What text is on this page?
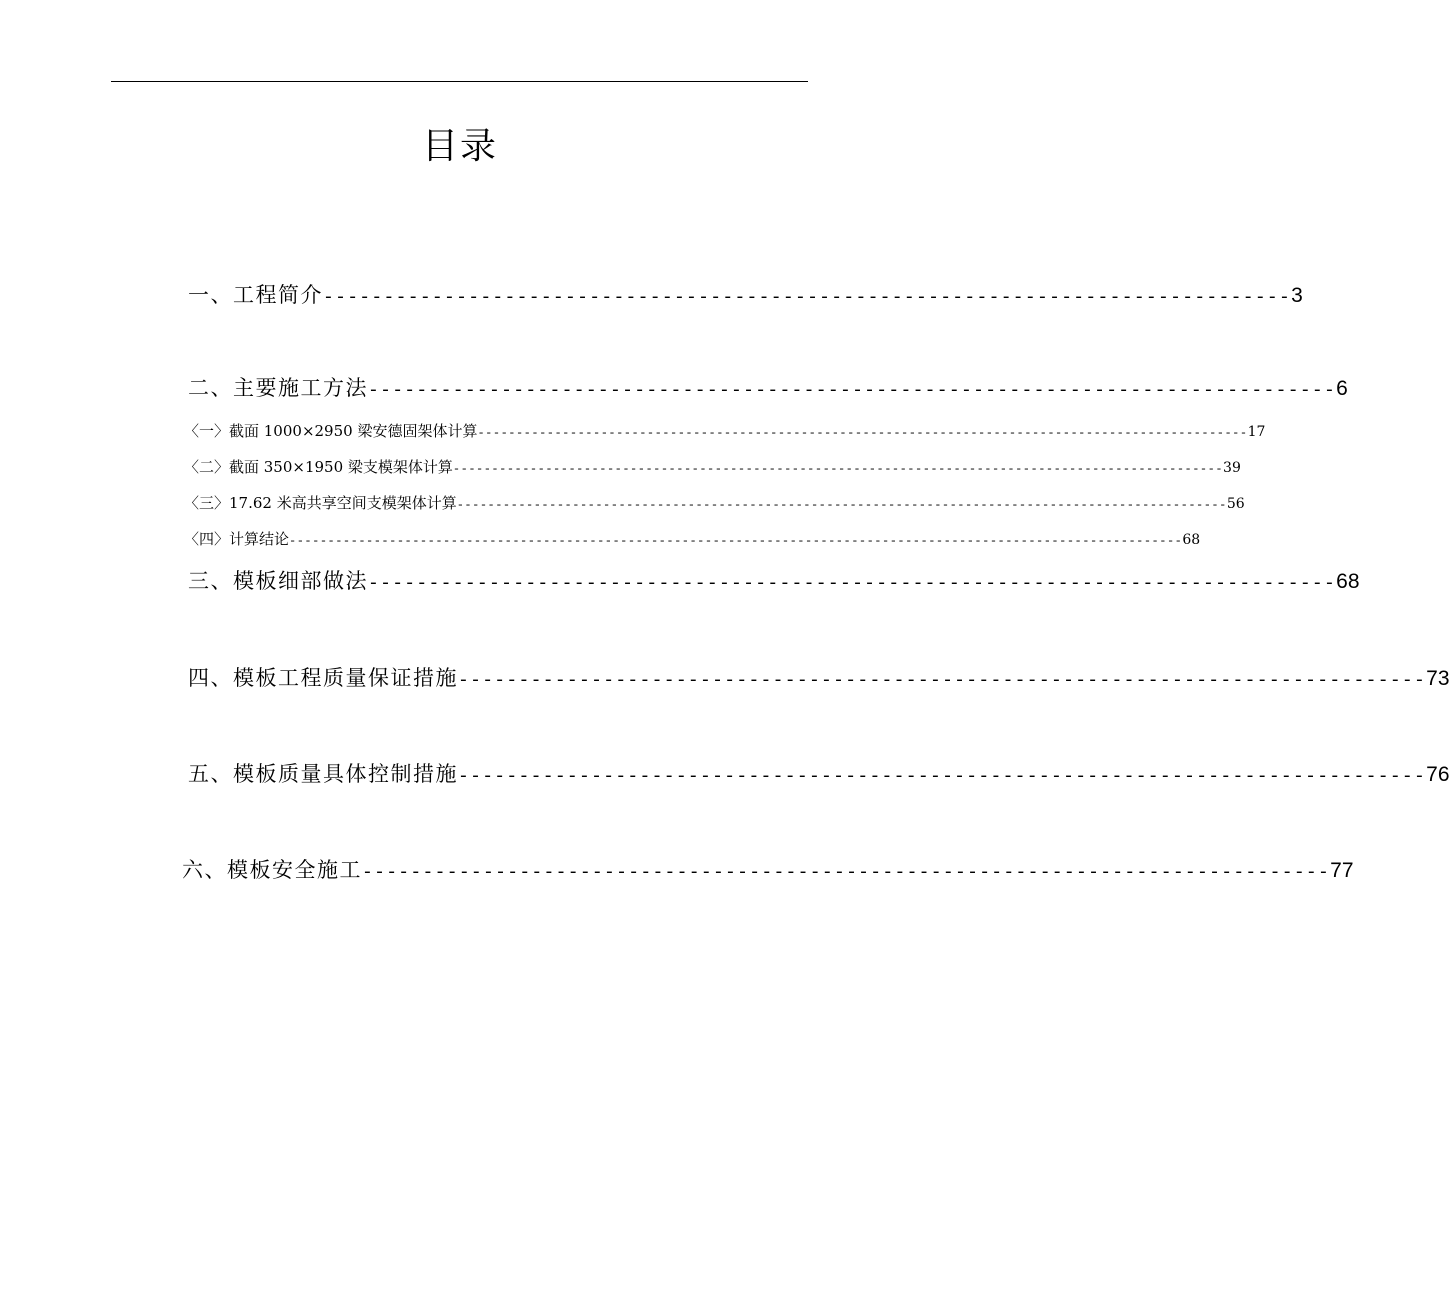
目录
一、工程简介 -------------------------------------------------------------------------------- 3
二、主要施工方法 -------------------------------------------------------------------------------- 6
〈一〉截面 1000×2950 梁安德固架体计算 ---------------------------------------------------------------------------------------------------- 17
〈二〉截面 350×1950 梁支模架体计算 ---------------------------------------------------------------------------------------------------- 39
〈三〉17.62 米高共享空间支模架体计算 ---------------------------------------------------------------------------------------------------- 56
〈四〉计算结论 -------------------------------------------------------------------------------------------------------------------- 68
三、模板细部做法 -------------------------------------------------------------------------------- 68
四、模板工程质量保证措施 -------------------------------------------------------------------------------- 73
五、模板质量具体控制措施 -------------------------------------------------------------------------------- 76
六、模板安全施工 -------------------------------------------------------------------------------- 77
